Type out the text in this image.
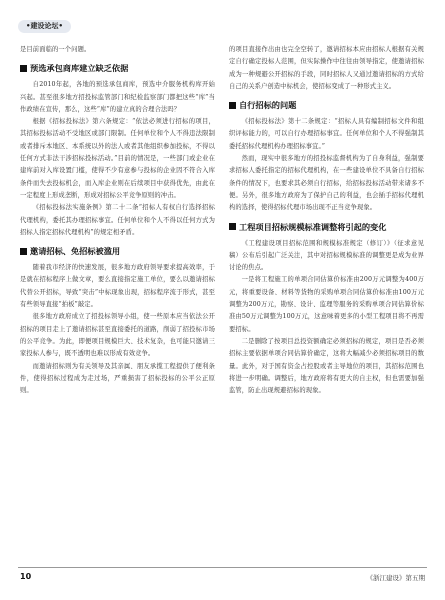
•建设论坛•

是目前面临的一个问题。

预选承包商库建立缺乏依据

自2010年起，各地的预选承包商库，预选中介服务机构库开始兴起。甚至很多地方招投标监管部门和纪检监察部门都把这些“库”当作政绩在宣传，那么，这些“库”的建立真的合理合法吗？

根据《招标投标法》第六条规定：“依法必须进行招标的项目，其招标投标活动不受地区或部门限制。任何单位和个人不得违法限制或者排斥本地区、本系统以外的法人或者其他组织参加投标，不得以任何方式非法干涉招标投标活动。”目前的情况是，一些部门或企业在建库前对入库设置门槛，使得不少有意参与投标的企业因不符合入库条件而失去投标机会，而入库企业则在后续项目中获得优先，由此在一定程度上形成垄断，形成对招标公平竞争原则的冲击。

《招标投标法实施条例》第二十二条“招标人有权自行选择招标代理机构，委托其办理招标事宜。任何单位和个人不得以任何方式为招标人指定招标代理机构”的规定相矛盾。

邀请招标、免招标被滥用

随着我市经济的快速发展，很多地方政府领导要求提高效率，于是就在招标程序上做文章，要么直接指定施工单位，要么以邀请招标代替公开招标，导致“突击”中标现象出现，招标程序流于形式，甚至有些领导直接“拍板”敲定。

很多地方政府成立了招投标领导小组，使一些原本应当依法公开招标的项目走上了邀请招标甚至直接委托的道路，削弱了招投标市场的公平竞争。为此，即便项目规模巨大、技术复杂，也可能只邀请三家投标人参与，既不透明也难以形成有效竞争。

而邀请招标则为有关领导及其亲属、朋友承揽工程提供了便利条件，使得招标过程成为走过场，严重损害了招标投标的公平公正原则。

的项目直接作出由也完全空转了，邀请招标本应由招标人根据有关规定自行确定投标人范围，但实际操作中往往由领导指定，使邀请招标成为一种规避公开招标的手段，同时招标人又通过邀请招标的方式给自己的关系户创造中标机会，使招标变成了一种形式主义。

自行招标的问题

《招标投标法》第十二条规定：“招标人具有编制招标文件和组织评标能力的，可以自行办理招标事宜。任何单位和个人不得强制其委托招标代理机构办理招标事宜。”

然而，现实中很多地方的招投标监督机构为了自身利益，强制要求招标人委托指定的招标代理机构，在一些建设单位不具备自行招标条件的情况下，也要求其必须自行招标，给招标投标活动带来诸多不便。另外，很多地方政府为了保护自己的利益，也会插手招标代理机构的选择，使得招标代理市场出现不正当竞争现象。

工程项目招标规模标准调整将引起的变化

《工程建设项目招标范围和规模标准规定（修订）》（征求意见稿）公布后引起广泛关注，其中对招标规模标准的调整更是成为业界讨论的焦点。

一是将工程施工的单项合同估算价标准由200万元调整为400万元，将重要设备、材料等货物的采购单项合同估算价标准由100万元调整为200万元，勘察、设计、监理等服务的采购单项合同估算价标准由50万元调整为100万元，这意味着更多的小型工程项目将不再需要招标。

二是删除了按项目总投资额确定必须招标的规定，项目是否必须招标主要依据单项合同估算价确定，这将大幅减少必须招标项目的数量。此外，对于国有资金占控股或者主导地位的项目，其招标范围也将进一步明确。调整后，地方政府将有更大的自主权，但也需要加强监管，防止出现规避招标的现象。

10	《浙江建设》第五期
